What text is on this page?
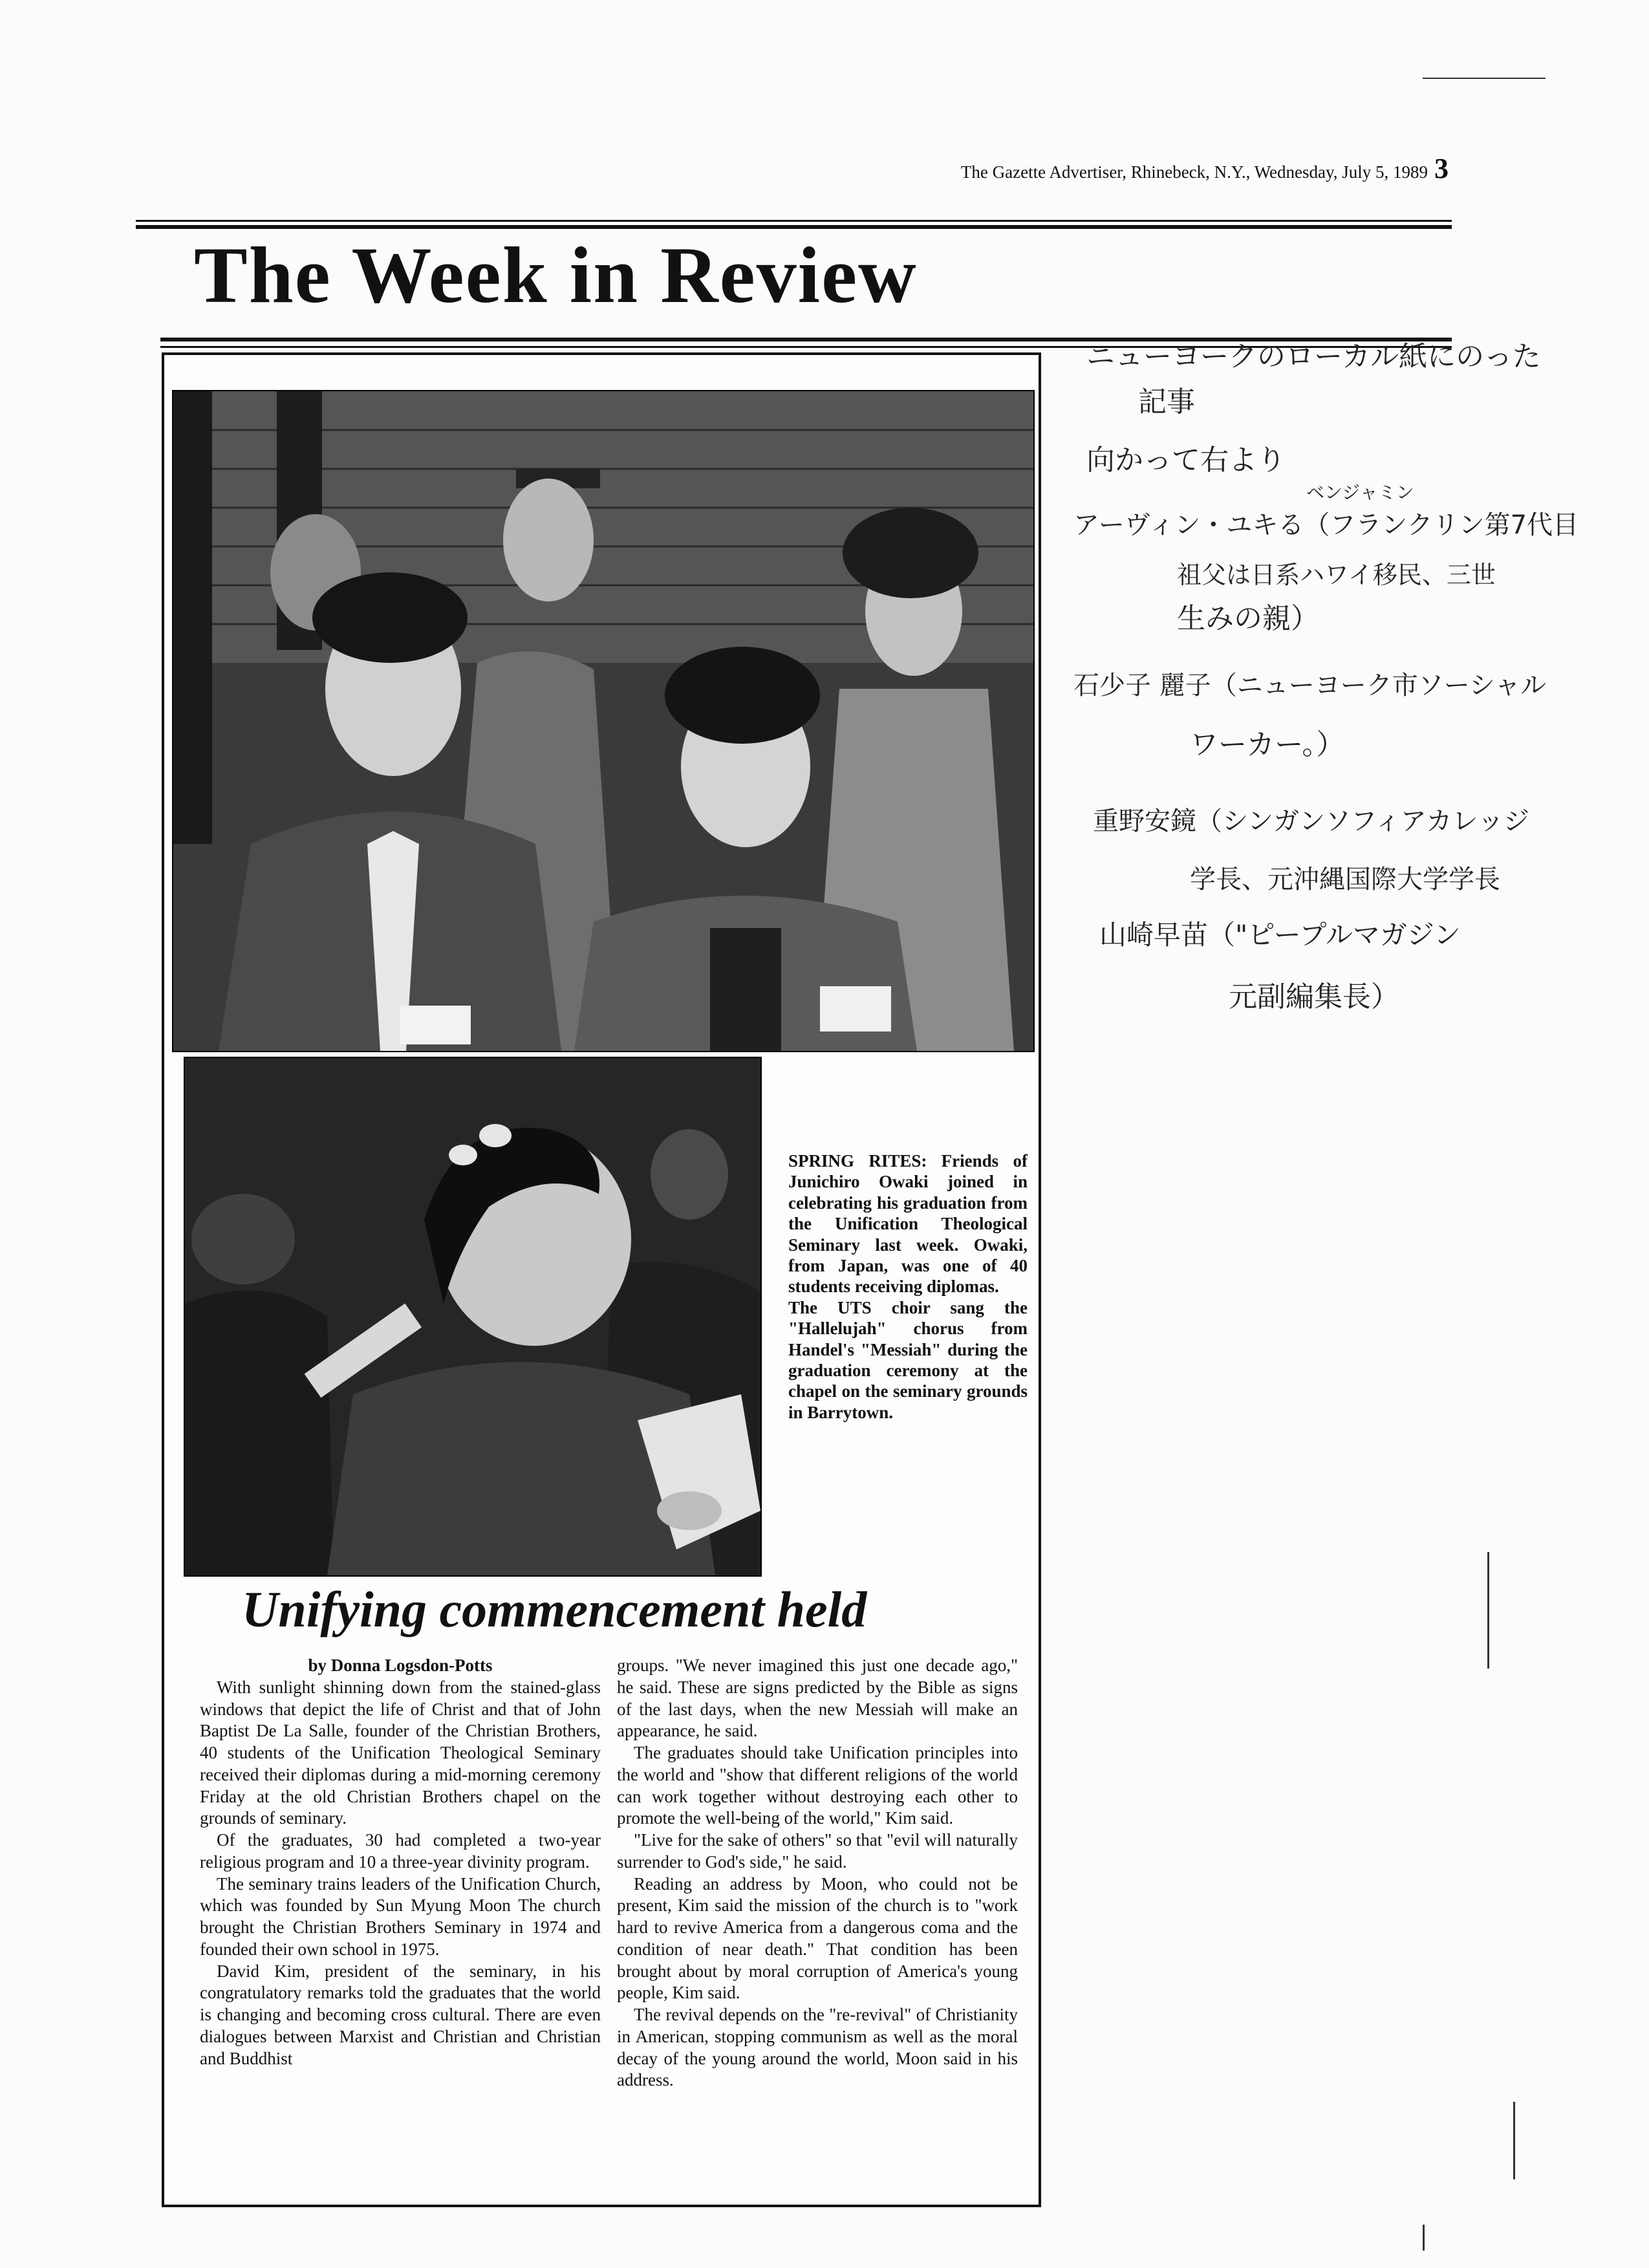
The Gazette Advertiser, Rhinebeck, N.Y., Wednesday, July 5, 1989 3
The Week in Review

SPRING RITES: Friends of Junichiro Owaki joined in celebrating his graduation from the Unification Theological Seminary last week. Owaki, from Japan, was one of 40 students receiving diplomas.

The UTS choir sang the "Hallelujah" chorus from Handel's "Messiah" during the graduation ceremony at the chapel on the seminary grounds in Barrytown.

Unifying commencement held

by Donna Logsdon-Potts

With sunlight shinning down from the stained-glass windows that depict the life of Christ and that of John Baptist De La Salle, founder of the Christian Brothers, 40 students of the Unification Theological Seminary received their diplomas during a mid-morning ceremony Friday at the old Christian Brothers chapel on the grounds of seminary.

Of the graduates, 30 had completed a two-year religious program and 10 a three-year divinity program.

The seminary trains leaders of the Unification Church, which was founded by Sun Myung Moon The church brought the Christian Brothers Seminary in 1974 and founded their own school in 1975.

David Kim, president of the seminary, in his congratulatory remarks told the graduates that the world is changing and becoming cross cultural. There are even dialogues between Marxist and Christian and Christian and Buddhist

groups. "We never imagined this just one decade ago," he said. These are signs predicted by the Bible as signs of the last days, when the new Messiah will make an appearance, he said.

The graduates should take Unification principles into the world and "show that different religions of the world can work together without destroying each other to promote the well-being of the world," Kim said.

"Live for the sake of others" so that "evil will naturally surrender to God's side," he said.

Reading an address by Moon, who could not be present, Kim said the mission of the church is to "work hard to revive America from a dangerous coma and the condition of near death." That condition has been brought about by moral corruption of America's young people, Kim said.

The revival depends on the "re-revival" of Christianity in American, stopping communism as well as the moral decay of the young around the world, Moon said in his address.

ニューヨークのローカル紙にのった
記事
向かって右より
ベンジャミン
アーヴィン・ユキる（フランクリン第7代目
祖父は日系ハワイ移民、三世
生みの親）
石少子 麗子（ニューヨーク市ソーシャル
ワーカー。）
重野安鏡（シンガンソフィアカレッジ
学長、元沖縄国際大学学長
山崎早苗（"ピープルマガジン
元副編集長）
